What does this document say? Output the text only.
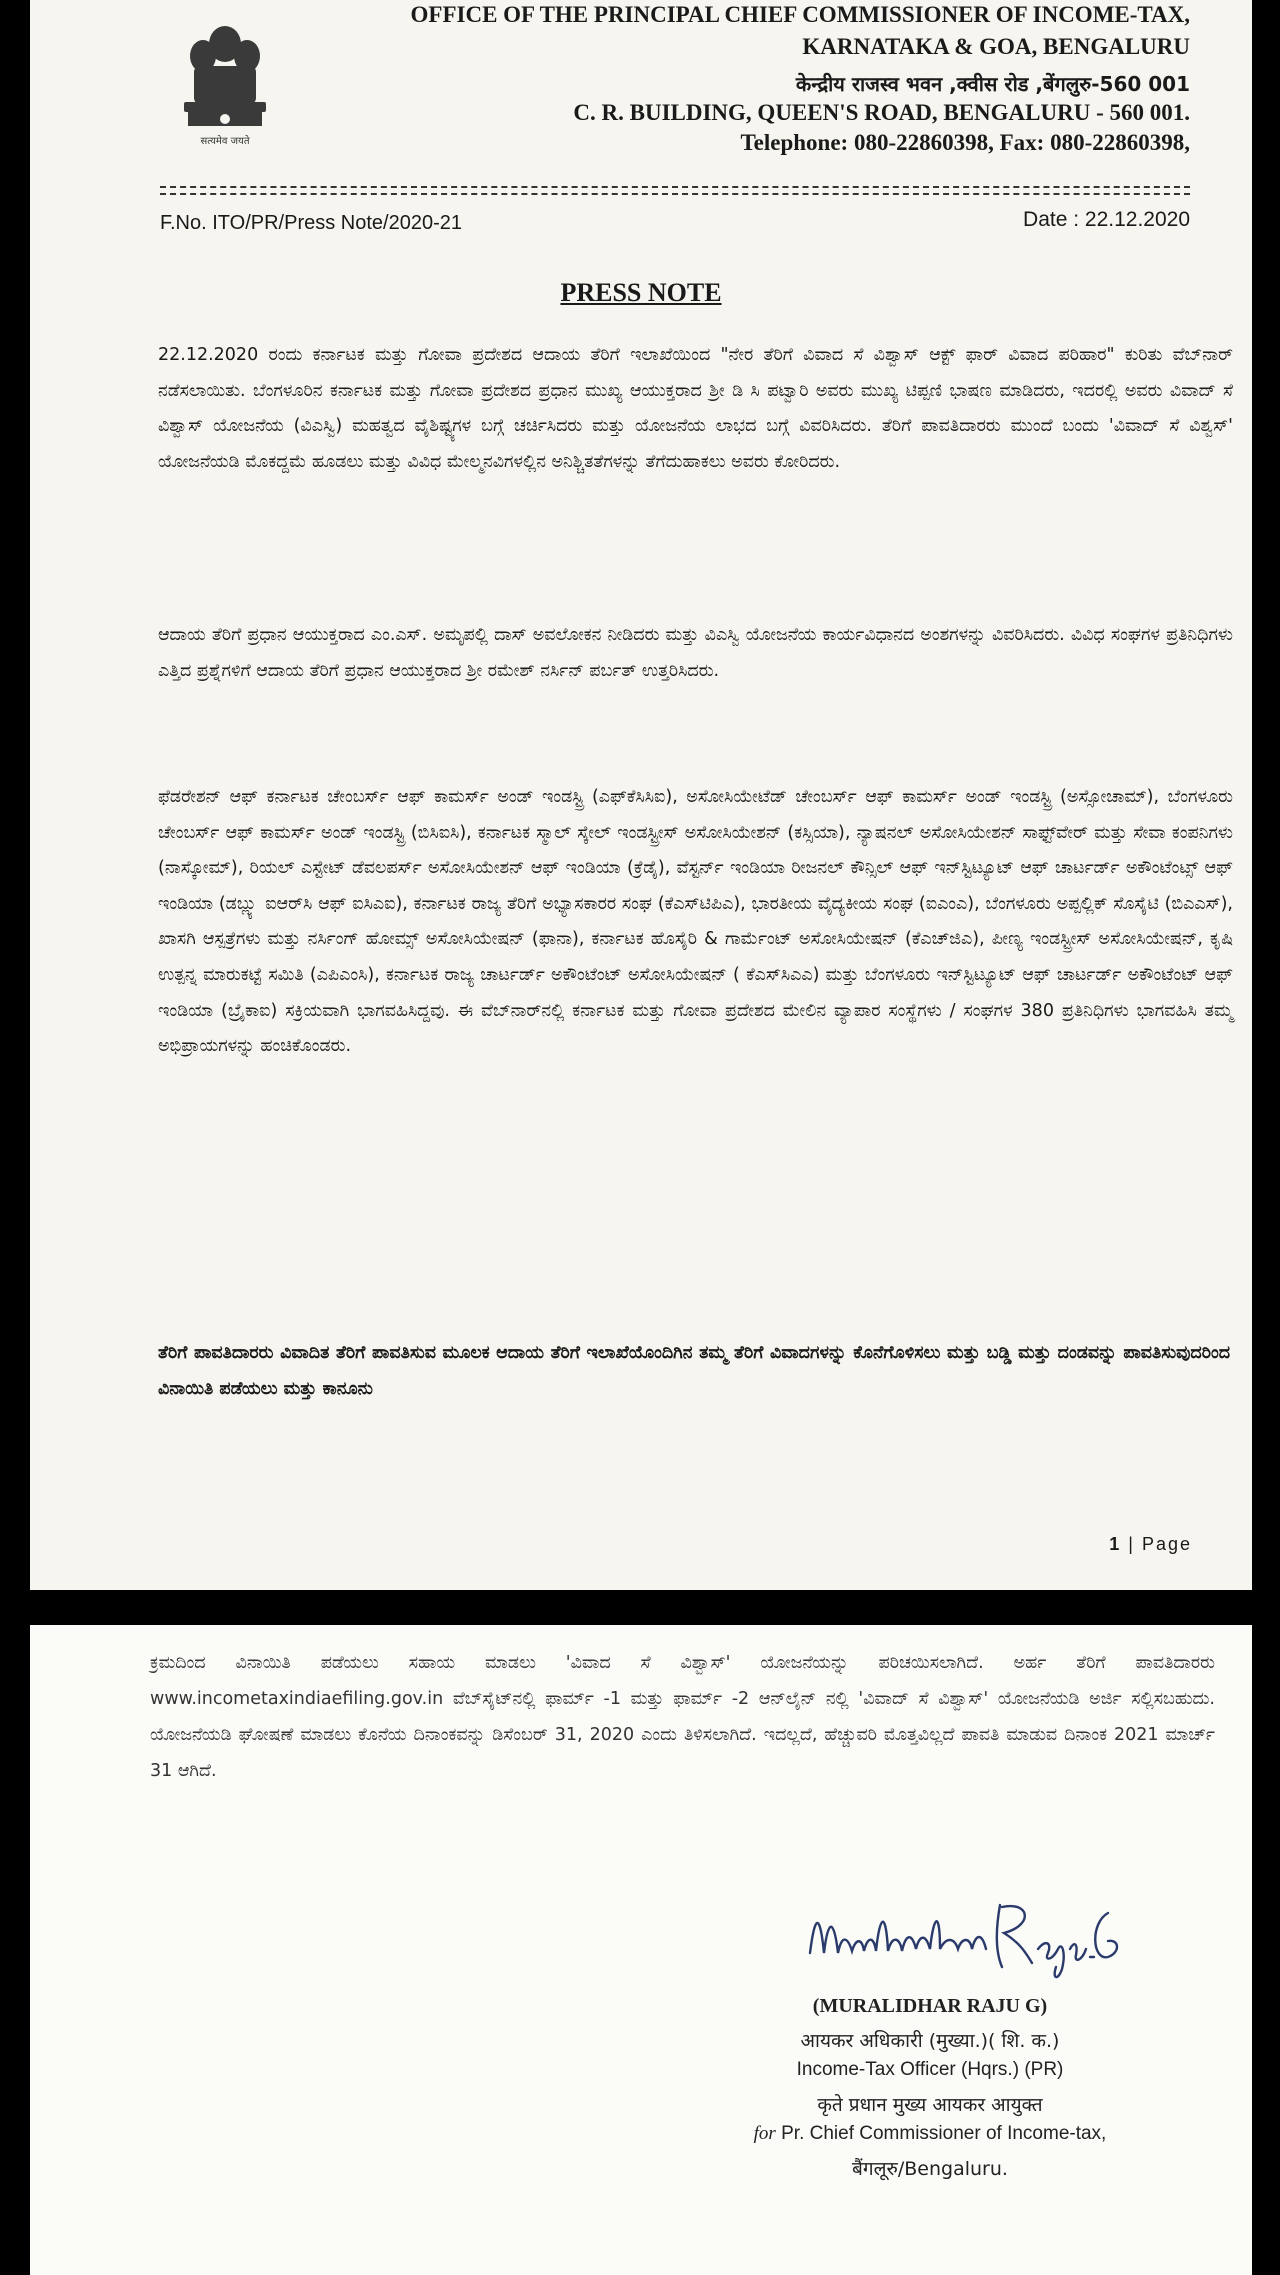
सत्यमेव जयते
OFFICE OF THE PRINCIPAL CHIEF COMMISSIONER OF INCOME-TAX,
KARNATAKA & GOA, BENGALURU
केन्द्रीय राजस्व भवन ,क्वीस रोड ,बेंगलुरु-560 001
C. R. BUILDING, QUEEN'S ROAD, BENGALURU - 560 001.
Telephone: 080-22860398, Fax: 080-22860398,
F.No. ITO/PR/Press Note/2020-21	Date : 22.12.2020
PRESS NOTE
22.12.2020 ರಂದು ಕರ್ನಾಟಕ ಮತ್ತು ಗೋವಾ ಪ್ರದೇಶದ ಆದಾಯ ತೆರಿಗೆ ಇಲಾಖೆಯಿಂದ "ನೇರ ತೆರಿಗೆ ವಿವಾದ ಸೆ ವಿಶ್ವಾಸ್ ಆಕ್ಟ್ ಫಾರ್ ವಿವಾದ ಪರಿಹಾರ" ಕುರಿತು ವೆಬ್‌ನಾರ್ ನಡೆಸಲಾಯಿತು. ಬೆಂಗಳೂರಿನ ಕರ್ನಾಟಕ ಮತ್ತು ಗೋವಾ ಪ್ರದೇಶದ ಪ್ರಧಾನ ಮುಖ್ಯ ಆಯುಕ್ತರಾದ ಶ್ರೀ ಡಿ ಸಿ ಪಟ್ವಾರಿ ಅವರು ಮುಖ್ಯ ಟಿಪ್ಪಣಿ ಭಾಷಣ ಮಾಡಿದರು, ಇದರಲ್ಲಿ ಅವರು ವಿವಾದ್ ಸೆ ವಿಶ್ವಾಸ್ ಯೋಜನೆಯ (ವಿಎಸ್ವಿ) ಮಹತ್ವದ ವೈಶಿಷ್ಟ್ಯಗಳ ಬಗ್ಗೆ ಚರ್ಚಿಸಿದರು ಮತ್ತು ಯೋಜನೆಯ ಲಾಭದ ಬಗ್ಗೆ ವಿವರಿಸಿದರು. ತೆರಿಗೆ ಪಾವತಿದಾರರು ಮುಂದೆ ಬಂದು 'ವಿವಾದ್ ಸೆ ವಿಶ್ವಸ್' ಯೋಜನೆಯಡಿ ಮೊಕದ್ದಮೆ ಹೂಡಲು ಮತ್ತು ವಿವಿಧ ಮೇಲ್ಮನವಿಗಳಲ್ಲಿನ ಅನಿಶ್ಚಿತತೆಗಳನ್ನು ತೆಗೆದುಹಾಕಲು ಅವರು ಕೋರಿದರು.
ಆದಾಯ ತೆರಿಗೆ ಪ್ರಧಾನ ಆಯುಕ್ತರಾದ ಎಂ.ಎಸ್. ಅಮೃಪಲ್ಲಿ ದಾಸ್ ಅವಲೋಕನ ನೀಡಿದರು ಮತ್ತು ವಿಎಸ್ವಿ ಯೋಜನೆಯ ಕಾರ್ಯವಿಧಾನದ ಅಂಶಗಳನ್ನು ವಿವರಿಸಿದರು. ವಿವಿಧ ಸಂಘಗಳ ಪ್ರತಿನಿಧಿಗಳು ಎತ್ತಿದ ಪ್ರಶ್ನೆಗಳಿಗೆ ಆದಾಯ ತೆರಿಗೆ ಪ್ರಧಾನ ಆಯುಕ್ತರಾದ ಶ್ರೀ ರಮೇಶ್ ನರ್ಸಿನ್ ಪರ್ಬತ್ ಉತ್ತರಿಸಿದರು.
ಫೆಡರೇಶನ್ ಆಫ್ ಕರ್ನಾಟಕ ಚೇಂಬರ್ಸ್ ಆಫ್ ಕಾಮರ್ಸ್ ಅಂಡ್ ಇಂಡಸ್ಟ್ರಿ (ಎಫ್‌ಕೆಸಿಸಿಐ), ಅಸೋಸಿಯೇಟೆಡ್ ಚೇಂಬರ್ಸ್ ಆಫ್ ಕಾಮರ್ಸ್ ಅಂಡ್ ಇಂಡಸ್ಟ್ರಿ (ಅಸ್ಸೋಚಾಮ್), ಬೆಂಗಳೂರು ಚೇಂಬರ್ಸ್ ಆಫ್ ಕಾಮರ್ಸ್ ಅಂಡ್ ಇಂಡಸ್ಟ್ರಿ (ಬಿಸಿಐಸಿ), ಕರ್ನಾಟಕ ಸ್ಮಾಲ್ ಸ್ಕೇಲ್ ಇಂಡಸ್ಟ್ರೀಸ್ ಅಸೋಸಿಯೇಶನ್ (ಕಸ್ಸಿಯಾ), ನ್ಯಾಷನಲ್ ಅಸೋಸಿಯೇಶನ್ ಸಾಫ್ಟ್‌ವೇರ್ ಮತ್ತು ಸೇವಾ ಕಂಪನಿಗಳು (ನಾಸ್ಕೋಮ್), ರಿಯಲ್ ಎಸ್ಟೇಟ್ ಡೆವಲಪರ್ಸ್ ಅಸೋಸಿಯೇಶನ್ ಆಫ್ ಇಂಡಿಯಾ (ಕ್ರೆಡೈ), ವೆಸ್ಟರ್ನ್ ಇಂಡಿಯಾ ರೀಜನಲ್ ಕೌನ್ಸಿಲ್ ಆಫ್ ಇನ್‌ಸ್ಟಿಟ್ಯೂಟ್ ಆಫ್ ಚಾರ್ಟರ್ಡ್ ಅಕೌಂಟೆಂಟ್ಸ್ ಆಫ್ ಇಂಡಿಯಾ (ಡಬ್ಲ್ಯು ಐಆರ್‌ಸಿ ಆಫ್ ಐಸಿಎಐ), ಕರ್ನಾಟಕ ರಾಜ್ಯ ತೆರಿಗೆ ಅಭ್ಯಾಸಕಾರರ ಸಂಘ (ಕೆಎಸ್‌ಟಿಪಿಎ), ಭಾರತೀಯ ವೈದ್ಯಕೀಯ ಸಂಘ (ಐಎಂಎ), ಬೆಂಗಳೂರು ಅಪ್ಪಲ್ಲಿಕ್ ಸೊಸೈಟಿ (ಬಿಎಎಸ್), ಖಾಸಗಿ ಆಸ್ಪತ್ರೆಗಳು ಮತ್ತು ನರ್ಸಿಂಗ್ ಹೋಮ್ಸ್ ಅಸೋಸಿಯೇಷನ್ (ಫಾನಾ), ಕರ್ನಾಟಕ ಹೊಸೈರಿ & ಗಾರ್ಮೆಂಟ್ ಅಸೋಸಿಯೇಷನ್ (ಕೆಎಚ್‌ಜಿಎ), ಪೀಣ್ಯ ಇಂಡಸ್ಟ್ರೀಸ್ ಅಸೋಸಿಯೇಷನ್, ಕೃಷಿ ಉತ್ಪನ್ನ ಮಾರುಕಟ್ಟೆ ಸಮಿತಿ (ಎಪಿಎಂಸಿ), ಕರ್ನಾಟಕ ರಾಜ್ಯ ಚಾರ್ಟರ್ಡ್ ಅಕೌಂಟೆಂಟ್ ಅಸೋಸಿಯೇಷನ್ ( ಕೆಎಸ್‌ಸಿಎಎ) ಮತ್ತು ಬೆಂಗಳೂರು ಇನ್‌ಸ್ಟಿಟ್ಯೂಟ್ ಆಫ್ ಚಾರ್ಟರ್ಡ್ ಅಕೌಂಟೆಂಟ್ ಆಫ್ ಇಂಡಿಯಾ (ಬ್ರೈಕಾಐ) ಸಕ್ರಿಯವಾಗಿ ಭಾಗವಹಿಸಿದ್ದವು. ಈ ವೆಬ್‌ನಾರ್‌ನಲ್ಲಿ ಕರ್ನಾಟಕ ಮತ್ತು ಗೋವಾ ಪ್ರದೇಶದ ಮೇಲಿನ ವ್ಯಾಪಾರ ಸಂಸ್ಥೆಗಳು / ಸಂಘಗಳ 380 ಪ್ರತಿನಿಧಿಗಳು ಭಾಗವಹಿಸಿ ತಮ್ಮ ಅಭಿಪ್ರಾಯಗಳನ್ನು ಹಂಚಿಕೊಂಡರು.
ತೆರಿಗೆ ಪಾವತಿದಾರರು ವಿವಾದಿತ ತೆರಿಗೆ ಪಾವತಿಸುವ ಮೂಲಕ ಆದಾಯ ತೆರಿಗೆ ಇಲಾಖೆಯೊಂದಿಗಿನ ತಮ್ಮ ತೆರಿಗೆ ವಿವಾದಗಳನ್ನು ಕೊನೆಗೊಳಿಸಲು ಮತ್ತು ಬಡ್ಡಿ ಮತ್ತು ದಂಡವನ್ನು ಪಾವತಿಸುವುದರಿಂದ ವಿನಾಯಿತಿ ಪಡೆಯಲು ಮತ್ತು ಕಾನೂನು
1 | Page
ಕ್ರಮದಿಂದ ವಿನಾಯಿತಿ ಪಡೆಯಲು ಸಹಾಯ ಮಾಡಲು 'ವಿವಾದ ಸೆ ವಿಶ್ವಾಸ್' ಯೋಜನೆಯನ್ನು ಪರಿಚಯಿಸಲಾಗಿದೆ. ಅರ್ಹ ತೆರಿಗೆ ಪಾವತಿದಾರರು www.incometaxindiaefiling.gov.in ವೆಬ್‌ಸೈಟ್‌ನಲ್ಲಿ ಫಾರ್ಮ್ -1 ಮತ್ತು ಫಾರ್ಮ್ -2 ಆನ್‌ಲೈನ್ ನಲ್ಲಿ 'ವಿವಾದ್ ಸೆ ವಿಶ್ವಾಸ್' ಯೋಜನೆಯಡಿ ಅರ್ಜಿ ಸಲ್ಲಿಸಬಹುದು. ಯೋಜನೆಯಡಿ ಘೋಷಣೆ ಮಾಡಲು ಕೊನೆಯ ದಿನಾಂಕವನ್ನು ಡಿಸೆಂಬರ್ 31, 2020 ಎಂದು ತಿಳಿಸಲಾಗಿದೆ. ಇದಲ್ಲದೆ, ಹೆಚ್ಚುವರಿ ಮೊತ್ತವಿಲ್ಲದೆ ಪಾವತಿ ಮಾಡುವ ದಿನಾಂಕ 2021 ಮಾರ್ಚ್ 31 ಆಗಿದೆ.
Muralidhar Raju G
(MURALIDHAR RAJU G)
आयकर अधिकारी (मुख्या.)( शि. क.)
Income-Tax Officer (Hqrs.) (PR)
कृते प्रधान मुख्य आयकर आयुक्त
for Pr. Chief Commissioner of Income-tax,
बैंगलूरु/Bengaluru.
